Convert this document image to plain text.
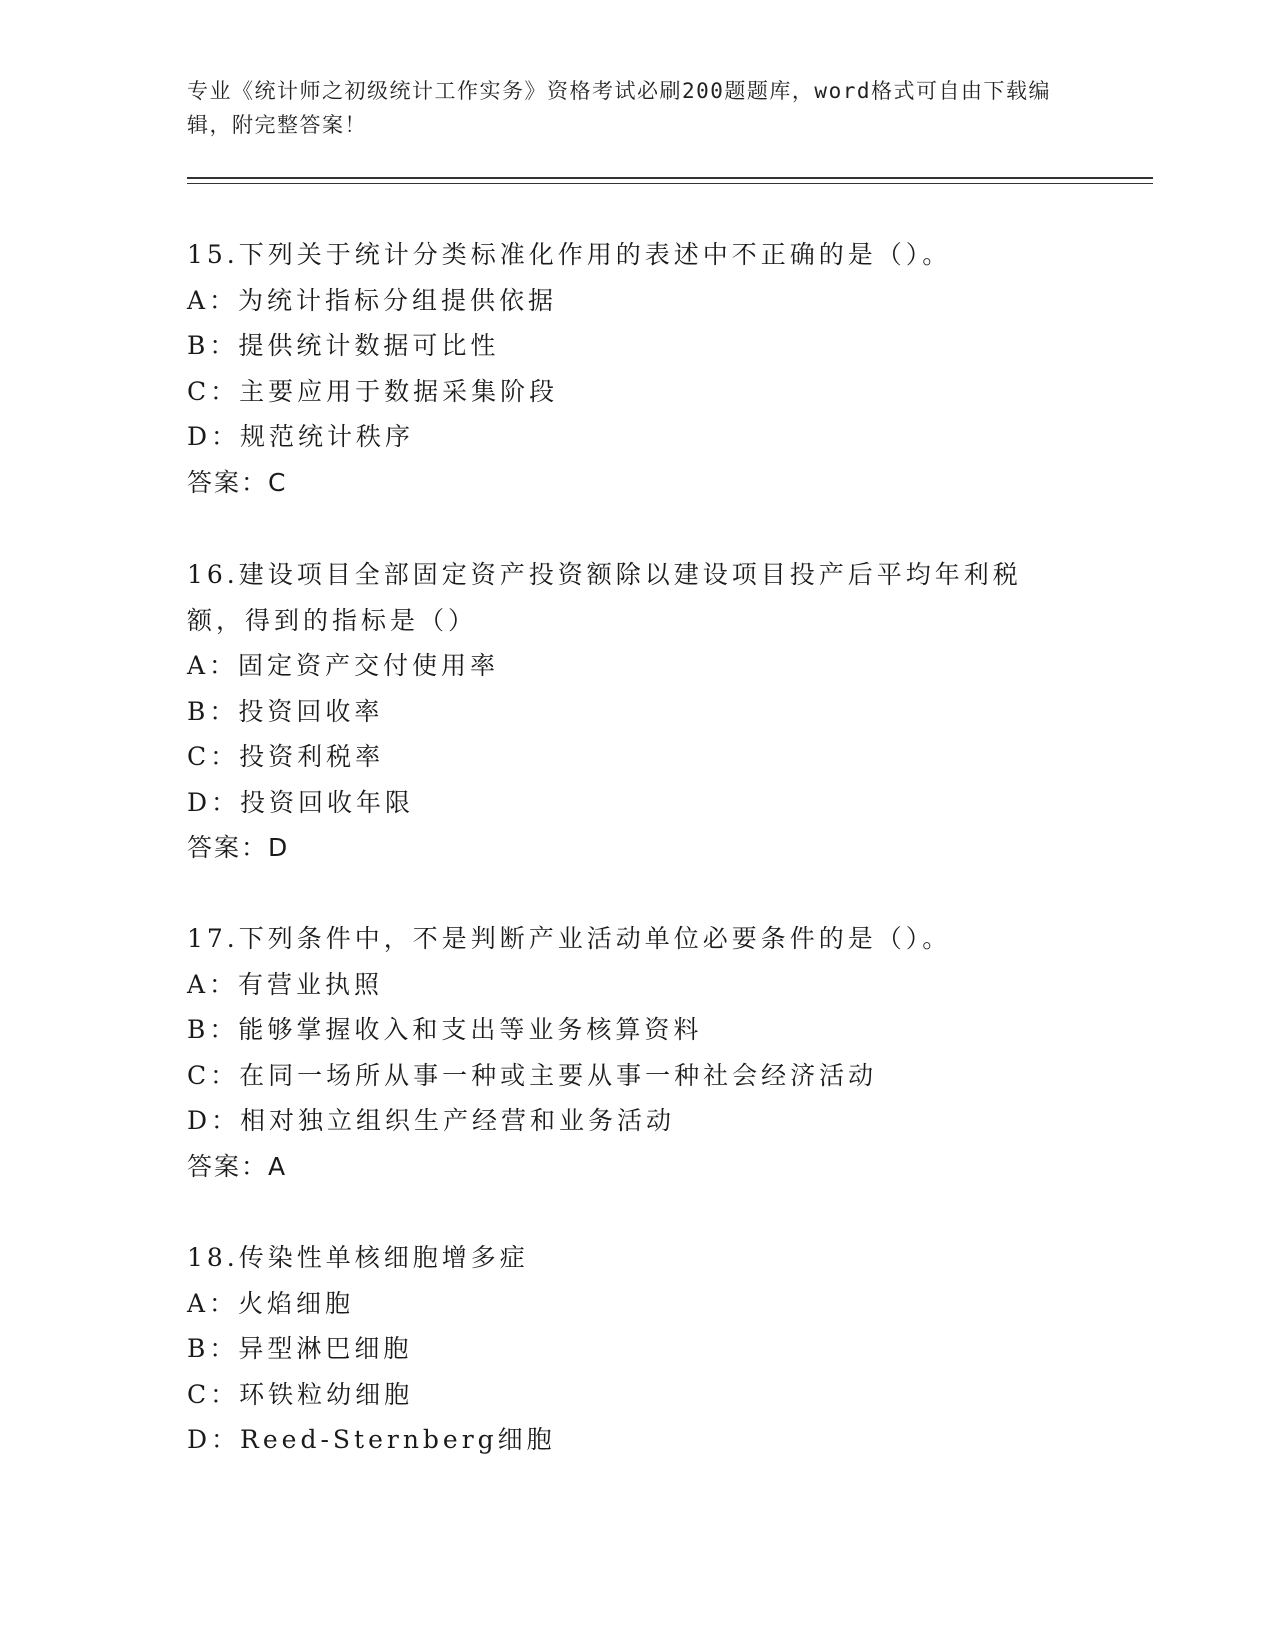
专业《统计师之初级统计工作实务》资格考试必刷200题题库，word格式可自由下载编辑，附完整答案！
15.下列关于统计分类标准化作用的表述中不正确的是（）。
A：为统计指标分组提供依据
B：提供统计数据可比性
C：主要应用于数据采集阶段
D：规范统计秩序
答案：C
16.建设项目全部固定资产投资额除以建设项目投产后平均年利税额，得到的指标是（）
A：固定资产交付使用率
B：投资回收率
C：投资利税率
D：投资回收年限
答案：D
17.下列条件中，不是判断产业活动单位必要条件的是（）。
A：有营业执照
B：能够掌握收入和支出等业务核算资料
C：在同一场所从事一种或主要从事一种社会经济活动
D：相对独立组织生产经营和业务活动
答案：A
18.传染性单核细胞增多症
A：火焰细胞
B：异型淋巴细胞
C：环铁粒幼细胞
D：Reed-Sternberg细胞
